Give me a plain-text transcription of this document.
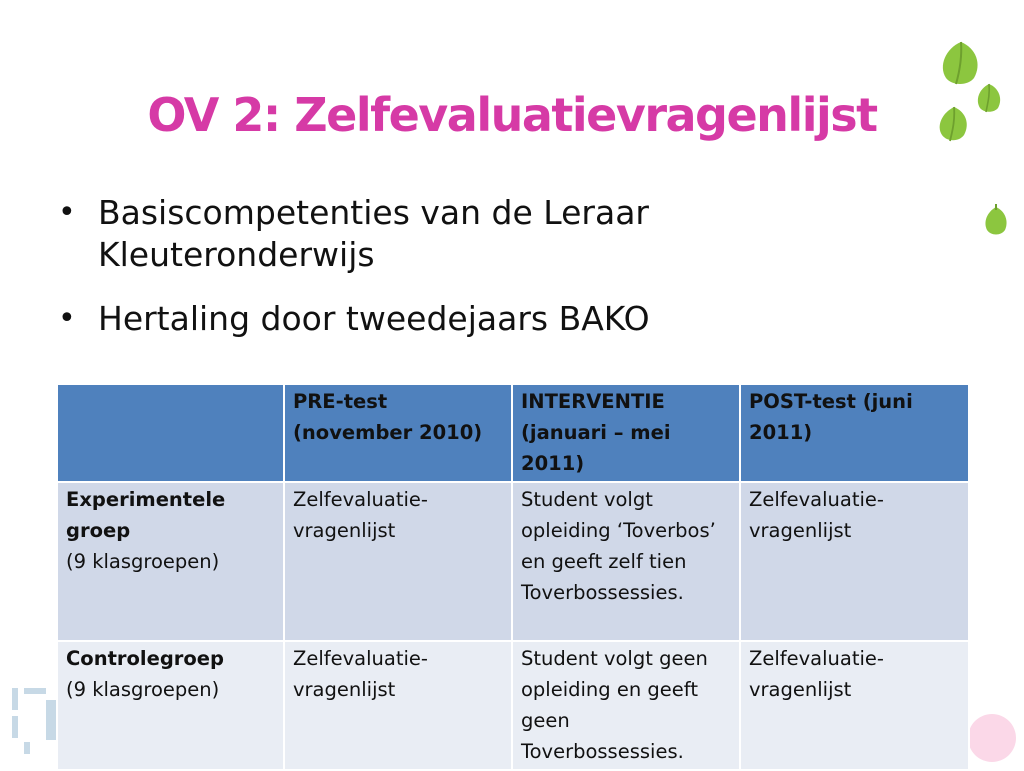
OV 2: Zelfevaluatievragenlijst
• Basiscompetenties van de Leraar Kleuteronderwijs
• Hertaling door tweedejaars BAKO
	PRE-test (november 2010)	INTERVENTIE (januari – mei 2011)	POST-test (juni 2011)

Experimentele groep
(9 klasgroepen)	Zelfevaluatie-vragenlijst	Student volgt opleiding ‘Toverbos’ en geeft zelf tien Toverbossessies.	Zelfevaluatie-vragenlijst

Controlegroep
(9 klasgroepen)	Zelfevaluatie-vragenlijst	Student volgt geen opleiding en geeft geen Toverbossessies.	Zelfevaluatie-vragenlijst
